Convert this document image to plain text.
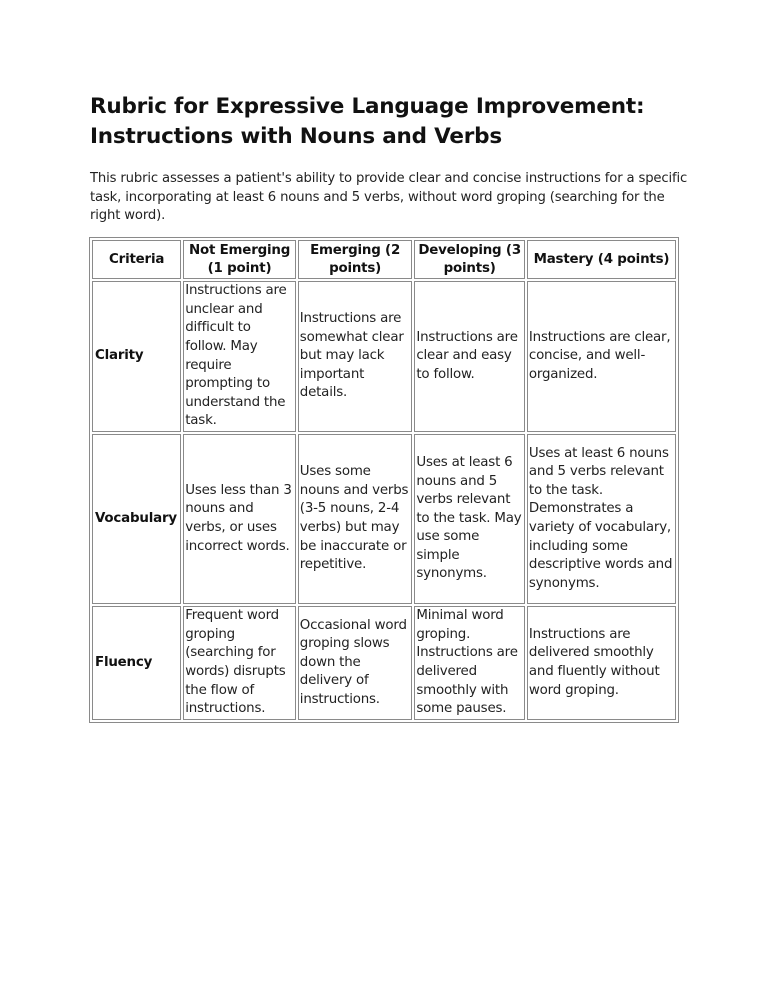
Rubric for Expressive Language Improvement:
Instructions with Nouns and Verbs

This rubric assesses a patient's ability to provide clear and concise instructions for a specific task, incorporating at least 6 nouns and 5 verbs, without word groping (searching for the right word).

Criteria	Not Emerging (1 point)	Emerging (2 points)	Developing (3 points)	Mastery (4 points)
Clarity	Instructions are unclear and difficult to follow. May require prompting to understand the task.	Instructions are somewhat clear but may lack important details.	Instructions are clear and easy to follow.	Instructions are clear, concise, and well-organized.
Vocabulary	Uses less than 3 nouns and verbs, or uses incorrect words.	Uses some nouns and verbs (3-5 nouns, 2-4 verbs) but may be inaccurate or repetitive.	Uses at least 6 nouns and 5 verbs relevant to the task. May use some simple synonyms.	Uses at least 6 nouns and 5 verbs relevant to the task. Demonstrates a variety of vocabulary, including some descriptive words and synonyms.
Fluency	Frequent word groping (searching for words) disrupts the flow of instructions.	Occasional word groping slows down the delivery of instructions.	Minimal word groping. Instructions are delivered smoothly with some pauses.	Instructions are delivered smoothly and fluently without word groping.
